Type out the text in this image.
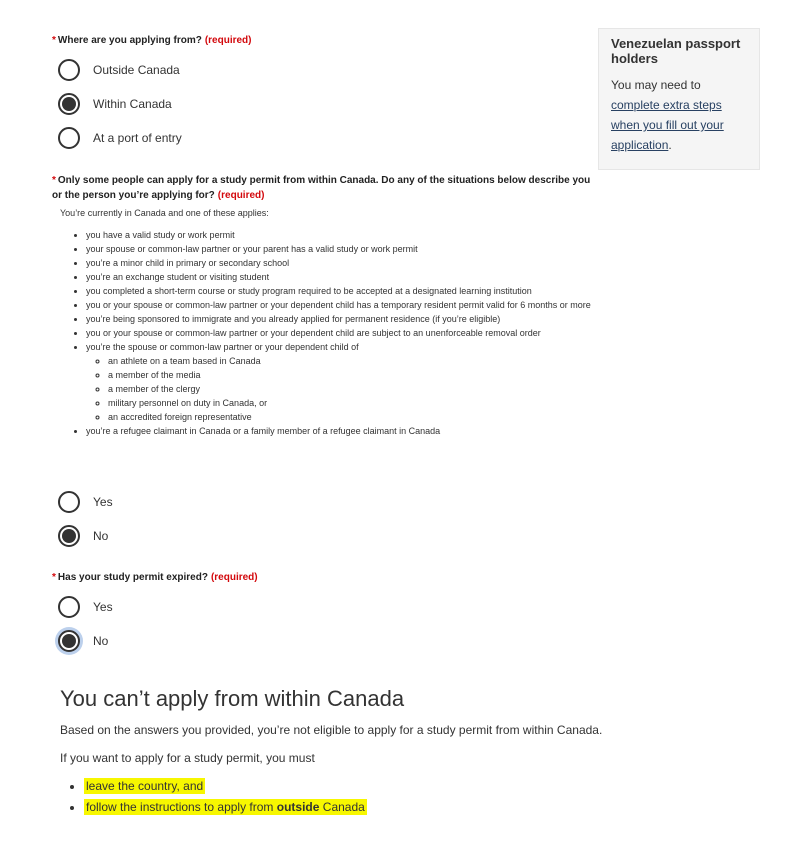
* Where are you applying from? (required)
Outside Canada
Within Canada
At a port of entry
Venezuelan passport holders
You may need to complete extra steps when you fill out your application.
* Only some people can apply for a study permit from within Canada. Do any of the situations below describe you or the person you’re applying for? (required)
You’re currently in Canada and one of these applies:
• you have a valid study or work permit
• your spouse or common-law partner or your parent has a valid study or work permit
• you’re a minor child in primary or secondary school
• you’re an exchange student or visiting student
• you completed a short-term course or study program required to be accepted at a designated learning institution
• you or your spouse or common-law partner or your dependent child has a temporary resident permit valid for 6 months or more
• you’re being sponsored to immigrate and you already applied for permanent residence (if you’re eligible)
• you or your spouse or common-law partner or your dependent child are subject to an unenforceable removal order
• you’re the spouse or common-law partner or your dependent child of
◦ an athlete on a team based in Canada
◦ a member of the media
◦ a member of the clergy
◦ military personnel on duty in Canada, or
◦ an accredited foreign representative
• you’re a refugee claimant in Canada or a family member of a refugee claimant in Canada
Yes
No
* Has your study permit expired? (required)
Yes
No
You can’t apply from within Canada

Based on the answers you provided, you’re not eligible to apply for a study permit from within Canada.

If you want to apply for a study permit, you must

• leave the country, and
• follow the instructions to apply from outside Canada
